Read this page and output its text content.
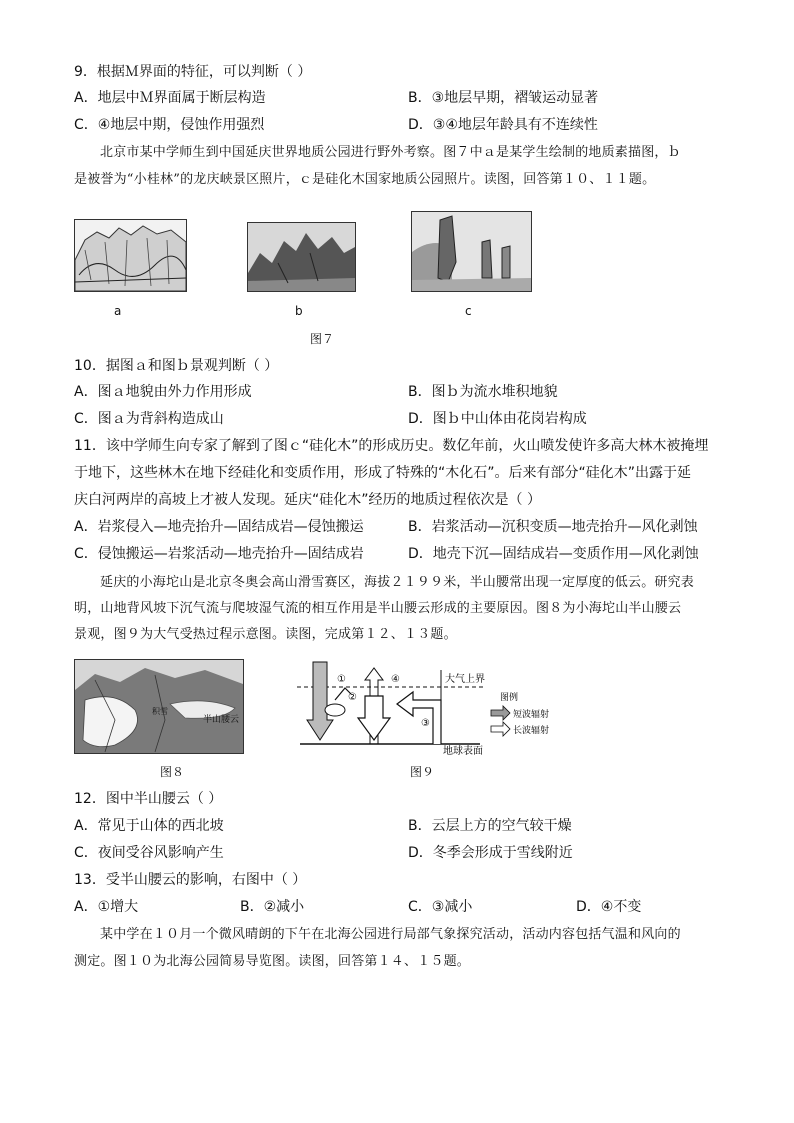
9．根据Ｍ界面的特征，可以判断（ ）
A．地层中Ｍ界面属于断层构造	B．③地层早期，褶皱运动显著
C．④地层中期，侵蚀作用强烈	D．③④地层年龄具有不连续性
北京市某中学师生到中国延庆世界地质公园进行野外考察。图７中ａ是某学生绘制的地质素描图，ｂ
是被誉为“小桂林”的龙庆峡景区照片，ｃ是硅化木国家地质公园照片。读图，回答第１０、１１题。
a	b	c
图７
10．据图ａ和图ｂ景观判断（ ）
A．图ａ地貌由外力作用形成	B．图ｂ为流水堆积地貌
C．图ａ为背斜构造成山	D．图ｂ中山体由花岗岩构成
11．该中学师生向专家了解到了图ｃ“硅化木”的形成历史。数亿年前，火山喷发使许多高大林木被掩埋
于地下，这些林木在地下经硅化和变质作用，形成了特殊的“木化石”。后来有部分“硅化木”出露于延
庆白河两岸的高坡上才被人发现。延庆“硅化木”经历的地质过程依次是（ ）
A．岩浆侵入—地壳抬升—固结成岩—侵蚀搬运	B．岩浆活动—沉积变质—地壳抬升—风化剥蚀
C．侵蚀搬运—岩浆活动—地壳抬升—固结成岩	D．地壳下沉—固结成岩—变质作用—风化剥蚀
延庆的小海坨山是北京冬奥会高山滑雪赛区，海拔２１９９米，半山腰常出现一定厚度的低云。研究表
明，山地背风坡下沉气流与爬坡湿气流的相互作用是半山腰云形成的主要原因。图８为小海坨山半山腰云
景观，图９为大气受热过程示意图。读图，完成第１２、１３题。
积雪
半山腰云
图８
④
②
①
③
大气上界
地球表面
图例
短波辐射
长波辐射
图９
12．图中半山腰云（ ）
A．常见于山体的西北坡	B．云层上方的空气较干燥
C．夜间受谷风影响产生	D．冬季会形成于雪线附近
13．受半山腰云的影响，右图中（ ）
A．①增大	B．②减小	C．③减小	D．④不变
某中学在１０月一个微风晴朗的下午在北海公园进行局部气象探究活动，活动内容包括气温和风向的
测定。图１０为北海公园简易导览图。读图，回答第１４、１５题。
